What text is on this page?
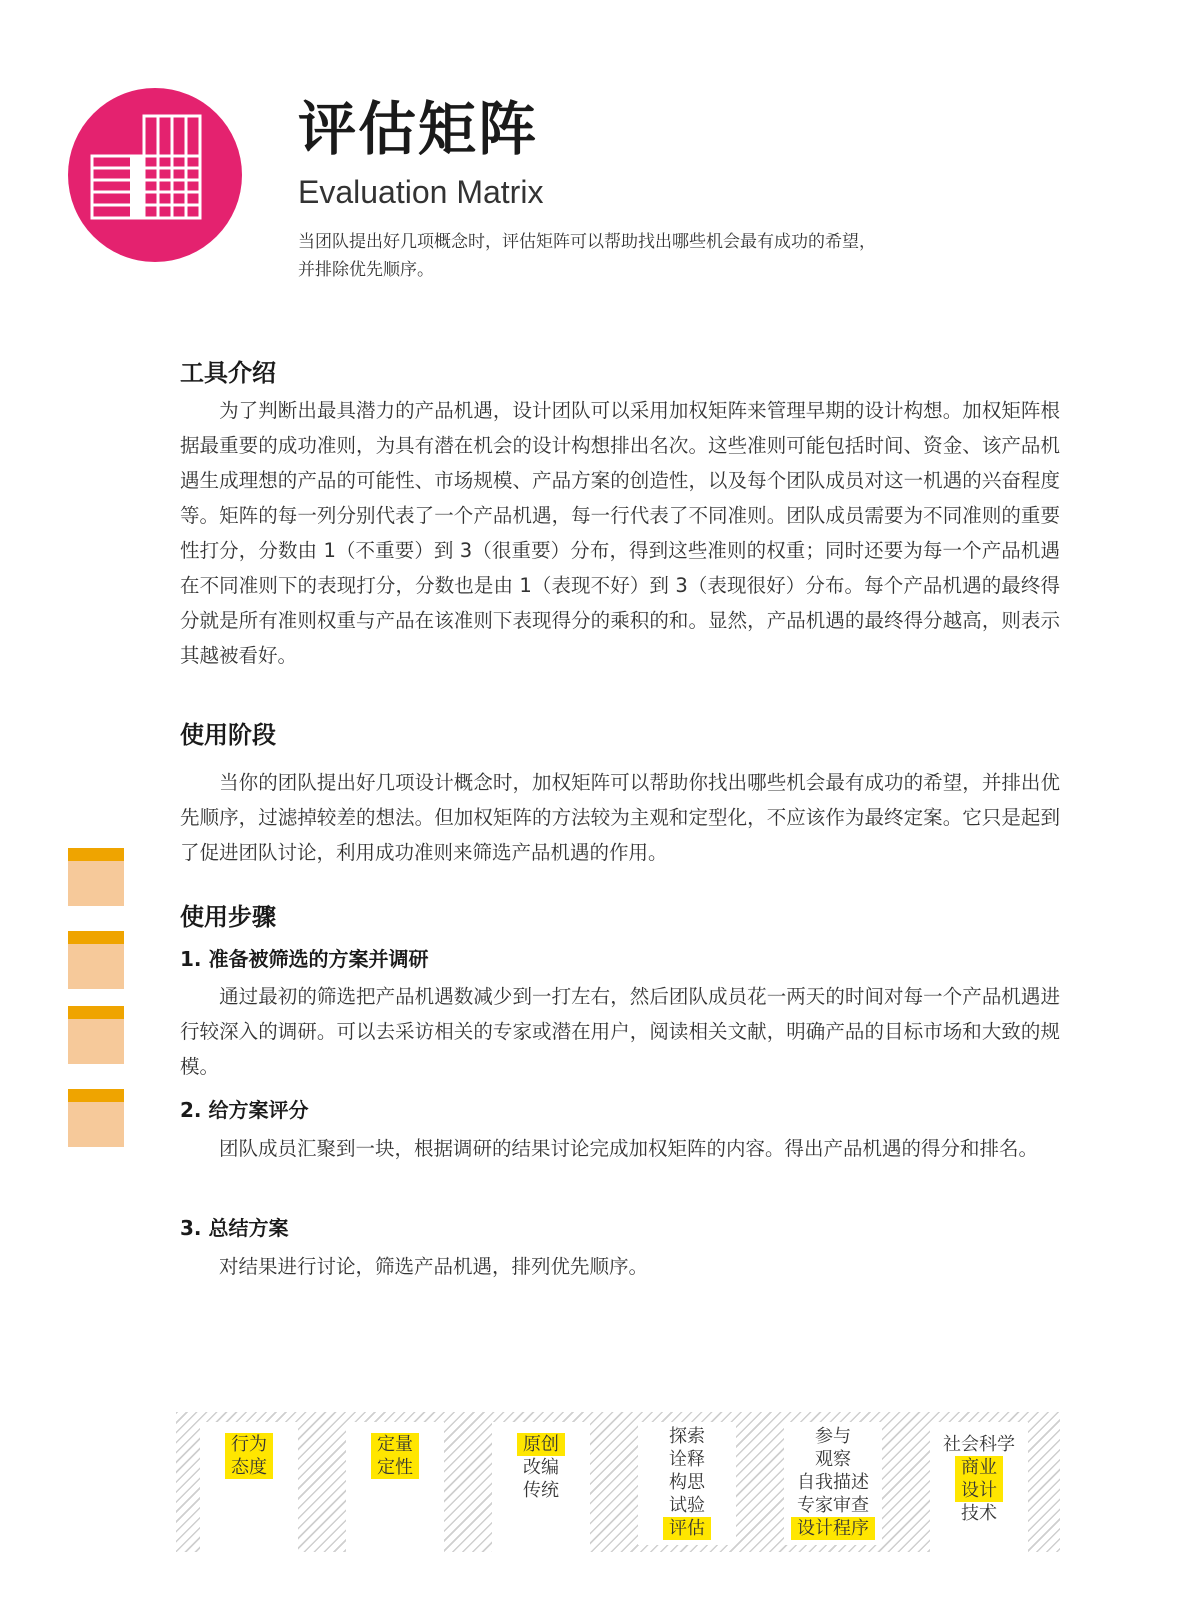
评估矩阵
Evaluation Matrix

当团队提出好几项概念时，评估矩阵可以帮助找出哪些机会最有成功的希望，

并排除优先顺序。

工具介绍

　　为了判断出最具潜力的产品机遇，设计团队可以采用加权矩阵来管理早期的设计构想。加权矩阵根据最重要的成功准则，为具有潜在机会的设计构想排出名次。这些准则可能包括时间、资金、该产品机遇生成理想的产品的可能性、市场规模、产品方案的创造性，以及每个团队成员对这一机遇的兴奋程度等。矩阵的每一列分别代表了一个产品机遇，每一行代表了不同准则。团队成员需要为不同准则的重要性打分，分数由 1（不重要）到 3（很重要）分布，得到这些准则的权重；同时还要为每一个产品机遇在不同准则下的表现打分，分数也是由 1（表现不好）到 3（表现很好）分布。每个产品机遇的最终得分就是所有准则权重与产品在该准则下表现得分的乘积的和。显然，产品机遇的最终得分越高，则表示其越被看好。

使用阶段

　　当你的团队提出好几项设计概念时，加权矩阵可以帮助你找出哪些机会最有成功的希望，并排出优先顺序，过滤掉较差的想法。但加权矩阵的方法较为主观和定型化，不应该作为最终定案。它只是起到了促进团队讨论，利用成功准则来筛选产品机遇的作用。

使用步骤
1. 准备被筛选的方案并调研

　　通过最初的筛选把产品机遇数减少到一打左右，然后团队成员花一两天的时间对每一个产品机遇进行较深入的调研。可以去采访相关的专家或潜在用户，阅读相关文献，明确产品的目标市场和大致的规模。

2. 给方案评分

　　团队成员汇聚到一块，根据调研的结果讨论完成加权矩阵的内容。得出产品机遇的得分和排名。

3. 总结方案

　　对结果进行讨论，筛选产品机遇，排列优先顺序。

行为
态度
定量
定性
原创
改编
传统
探索
诠释
构思
试验
评估
参与
观察
自我描述
专家审查
设计程序
社会科学
商业
设计
技术
